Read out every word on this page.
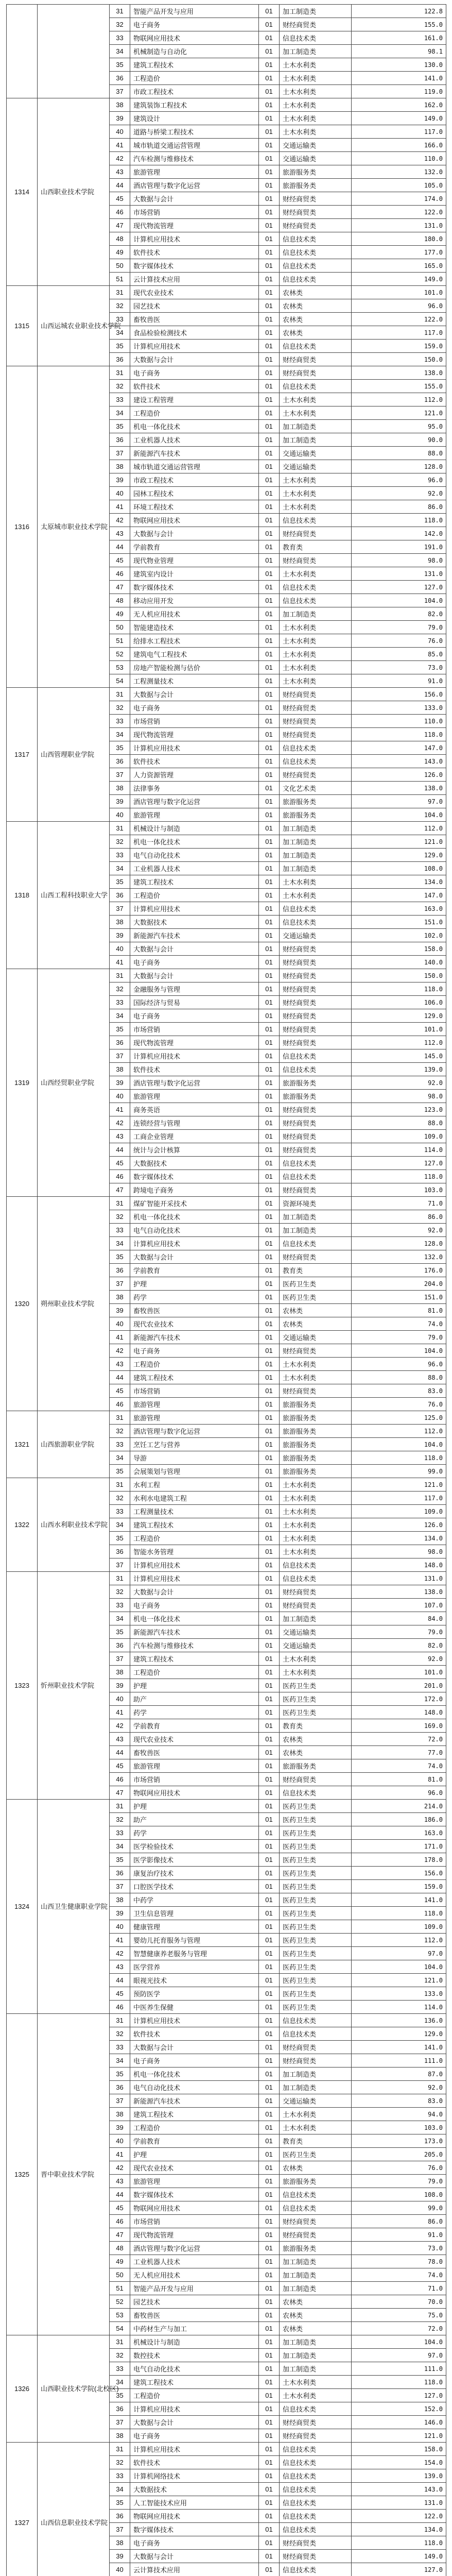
		31	智能产品开发与应用	01	加工制造类	122.8
		32	电子商务	01	财经商贸类	155.0
		33	物联网应用技术	01	信息技术类	161.0
		34	机械制造与自动化	01	加工制造类	98.1
		35	建筑工程技术	01	土木水利类	130.0
		36	工程造价	01	土木水利类	141.0
		37	市政工程技术	01	土木水利类	119.0
1314	山西职业技术学院	38	建筑装饰工程技术	01	土木水利类	162.0
		39	建筑设计	01	土木水利类	149.0
		40	道路与桥梁工程技术	01	土木水利类	117.0
		41	城市轨道交通运营管理	01	交通运输类	166.0
		42	汽车检测与维修技术	01	交通运输类	110.0
		43	旅游管理	01	旅游服务类	132.0
		44	酒店管理与数字化运营	01	旅游服务类	105.0
		45	大数据与会计	01	财经商贸类	174.0
		46	市场营销	01	财经商贸类	122.0
		47	现代物流管理	01	财经商贸类	131.0
		48	计算机应用技术	01	信息技术类	180.0
		49	软件技术	01	信息技术类	177.0
		50	数字媒体技术	01	信息技术类	165.0
		51	云计算技术应用	01	信息技术类	149.0
1315	山西运城农业职业技术学院	31	现代农业技术	01	农林类	101.0
		32	园艺技术	01	农林类	96.0
		33	畜牧兽医	01	农林类	122.0
		34	食品检验检测技术	01	农林类	117.0
		35	计算机应用技术	01	信息技术类	159.0
		36	大数据与会计	01	财经商贸类	150.0
1316	太原城市职业技术学院	31	电子商务	01	财经商贸类	138.0
		32	软件技术	01	信息技术类	155.0
		33	建设工程管理	01	土木水利类	112.0
		34	工程造价	01	土木水利类	121.0
		35	机电一体化技术	01	加工制造类	95.0
		36	工业机器人技术	01	加工制造类	90.0
		37	新能源汽车技术	01	交通运输类	88.0
		38	城市轨道交通运营管理	01	交通运输类	128.0
		39	市政工程技术	01	土木水利类	96.0
		40	园林工程技术	01	土木水利类	92.0
		41	环境工程技术	01	土木水利类	86.0
		42	物联网应用技术	01	信息技术类	118.0
		43	大数据与会计	01	财经商贸类	142.0
		44	学前教育	01	教育类	191.0
		45	现代物业管理	01	财经商贸类	98.0
		46	建筑室内设计	01	土木水利类	131.0
		47	数字媒体技术	01	信息技术类	127.0
		48	移动应用开发	01	信息技术类	104.0
		49	无人机应用技术	01	加工制造类	82.0
		50	智能建造技术	01	土木水利类	79.0
		51	给排水工程技术	01	土木水利类	76.0
		52	建筑电气工程技术	01	土木水利类	85.0
		53	房地产智能检测与估价	01	土木水利类	73.0
		54	工程测量技术	01	土木水利类	91.0
1317	山西管理职业学院	31	大数据与会计	01	财经商贸类	156.0
		32	电子商务	01	财经商贸类	133.0
		33	市场营销	01	财经商贸类	110.0
		34	现代物流管理	01	财经商贸类	118.0
		35	计算机应用技术	01	信息技术类	147.0
		36	软件技术	01	信息技术类	143.0
		37	人力资源管理	01	财经商贸类	126.0
		38	法律事务	01	文化艺术类	138.0
		39	酒店管理与数字化运营	01	旅游服务类	97.0
		40	旅游管理	01	旅游服务类	104.0
1318	山西工程科技职业大学	31	机械设计与制造	01	加工制造类	112.0
		32	机电一体化技术	01	加工制造类	121.0
		33	电气自动化技术	01	加工制造类	129.0
		34	工业机器人技术	01	加工制造类	108.0
		35	建筑工程技术	01	土木水利类	134.0
		36	工程造价	01	土木水利类	147.0
		37	计算机应用技术	01	信息技术类	163.0
		38	大数据技术	01	信息技术类	151.0
		39	新能源汽车技术	01	交通运输类	102.0
		40	大数据与会计	01	财经商贸类	158.0
		41	电子商务	01	财经商贸类	140.0
1319	山西经贸职业学院	31	大数据与会计	01	财经商贸类	150.0
		32	金融服务与管理	01	财经商贸类	118.0
		33	国际经济与贸易	01	财经商贸类	106.0
		34	电子商务	01	财经商贸类	129.0
		35	市场营销	01	财经商贸类	101.0
		36	现代物流管理	01	财经商贸类	112.0
		37	计算机应用技术	01	信息技术类	145.0
		38	软件技术	01	信息技术类	139.0
		39	酒店管理与数字化运营	01	旅游服务类	92.0
		40	旅游管理	01	旅游服务类	98.0
		41	商务英语	01	财经商贸类	123.0
		42	连锁经营与管理	01	财经商贸类	88.0
		43	工商企业管理	01	财经商贸类	109.0
		44	统计与会计核算	01	财经商贸类	114.0
		45	大数据技术	01	信息技术类	127.0
		46	数字媒体技术	01	信息技术类	118.0
		47	跨境电子商务	01	财经商贸类	103.0
1320	朔州职业技术学院	31	煤矿智能开采技术	01	资源环境类	71.0
		32	机电一体化技术	01	加工制造类	86.0
		33	电气自动化技术	01	加工制造类	92.0
		34	计算机应用技术	01	信息技术类	128.0
		35	大数据与会计	01	财经商贸类	132.0
		36	学前教育	01	教育类	176.0
		37	护理	01	医药卫生类	204.0
		38	药学	01	医药卫生类	151.0
		39	畜牧兽医	01	农林类	81.0
		40	现代农业技术	01	农林类	74.0
		41	新能源汽车技术	01	交通运输类	79.0
		42	电子商务	01	财经商贸类	104.0
		43	工程造价	01	土木水利类	96.0
		44	建筑工程技术	01	土木水利类	88.0
		45	市场营销	01	财经商贸类	83.0
		46	旅游管理	01	旅游服务类	76.0
1321	山西旅游职业学院	31	旅游管理	01	旅游服务类	125.0
		32	酒店管理与数字化运营	01	旅游服务类	112.0
		33	烹饪工艺与营养	01	旅游服务类	104.0
		34	导游	01	旅游服务类	118.0
		35	会展策划与管理	01	旅游服务类	99.0
1322	山西水利职业技术学院	31	水利工程	01	土木水利类	121.0
		32	水利水电建筑工程	01	土木水利类	117.0
		33	工程测量技术	01	土木水利类	109.0
		34	建筑工程技术	01	土木水利类	126.0
		35	工程造价	01	土木水利类	134.0
		36	智能水务管理	01	土木水利类	98.0
		37	计算机应用技术	01	信息技术类	148.0
1323	忻州职业技术学院	31	计算机应用技术	01	信息技术类	131.0
		32	大数据与会计	01	财经商贸类	138.0
		33	电子商务	01	财经商贸类	107.0
		34	机电一体化技术	01	加工制造类	84.0
		35	新能源汽车技术	01	交通运输类	79.0
		36	汽车检测与维修技术	01	交通运输类	82.0
		37	建筑工程技术	01	土木水利类	92.0
		38	工程造价	01	土木水利类	101.0
		39	护理	01	医药卫生类	201.0
		40	助产	01	医药卫生类	172.0
		41	药学	01	医药卫生类	148.0
		42	学前教育	01	教育类	169.0
		43	现代农业技术	01	农林类	72.0
		44	畜牧兽医	01	农林类	77.0
		45	旅游管理	01	旅游服务类	74.0
		46	市场营销	01	财经商贸类	81.0
		47	物联网应用技术	01	信息技术类	96.0
1324	山西卫生健康职业学院	31	护理	01	医药卫生类	214.0
		32	助产	01	医药卫生类	186.0
		33	药学	01	医药卫生类	163.0
		34	医学检验技术	01	医药卫生类	171.0
		35	医学影像技术	01	医药卫生类	178.0
		36	康复治疗技术	01	医药卫生类	156.0
		37	口腔医学技术	01	医药卫生类	159.0
		38	中药学	01	医药卫生类	141.0
		39	卫生信息管理	01	医药卫生类	118.0
		40	健康管理	01	医药卫生类	109.0
		41	婴幼儿托育服务与管理	01	医药卫生类	112.0
		42	智慧健康养老服务与管理	01	医药卫生类	97.0
		43	医学营养	01	医药卫生类	104.0
		44	眼视光技术	01	医药卫生类	121.0
		45	预防医学	01	医药卫生类	133.0
		46	中医养生保健	01	医药卫生类	114.0
1325	晋中职业技术学院	31	计算机应用技术	01	信息技术类	136.0
		32	软件技术	01	信息技术类	129.0
		33	大数据与会计	01	财经商贸类	141.0
		34	电子商务	01	财经商贸类	111.0
		35	机电一体化技术	01	加工制造类	87.0
		36	电气自动化技术	01	加工制造类	92.0
		37	新能源汽车技术	01	交通运输类	83.0
		38	建筑工程技术	01	土木水利类	94.0
		39	工程造价	01	土木水利类	103.0
		40	学前教育	01	教育类	173.0
		41	护理	01	医药卫生类	205.0
		42	现代农业技术	01	农林类	76.0
		43	旅游管理	01	旅游服务类	79.0
		44	数字媒体技术	01	信息技术类	108.0
		45	物联网应用技术	01	信息技术类	99.0
		46	市场营销	01	财经商贸类	86.0
		47	现代物流管理	01	财经商贸类	91.0
		48	酒店管理与数字化运营	01	旅游服务类	73.0
		49	工业机器人技术	01	加工制造类	78.0
		50	无人机应用技术	01	加工制造类	74.0
		51	智能产品开发与应用	01	加工制造类	71.0
		52	园艺技术	01	农林类	70.0
		53	畜牧兽医	01	农林类	75.0
		54	中药材生产与加工	01	农林类	72.0
1326	山西职业技术学院(北校区)	31	机械设计与制造	01	加工制造类	104.0
		32	数控技术	01	加工制造类	97.0
		33	电气自动化技术	01	加工制造类	111.0
		34	建筑工程技术	01	土木水利类	118.0
		35	工程造价	01	土木水利类	127.0
		36	计算机应用技术	01	信息技术类	152.0
		37	大数据与会计	01	财经商贸类	146.0
		38	电子商务	01	财经商贸类	121.0
1327	山西信息职业技术学院	31	计算机应用技术	01	信息技术类	158.0
		32	软件技术	01	信息技术类	154.0
		33	计算机网络技术	01	信息技术类	139.0
		34	大数据技术	01	信息技术类	143.0
		35	人工智能技术应用	01	信息技术类	131.0
		36	物联网应用技术	01	信息技术类	122.0
		37	数字媒体技术	01	信息技术类	134.0
		38	电子商务	01	财经商贸类	118.0
		39	大数据与会计	01	财经商贸类	149.0
		40	云计算技术应用	01	信息技术类	127.0
